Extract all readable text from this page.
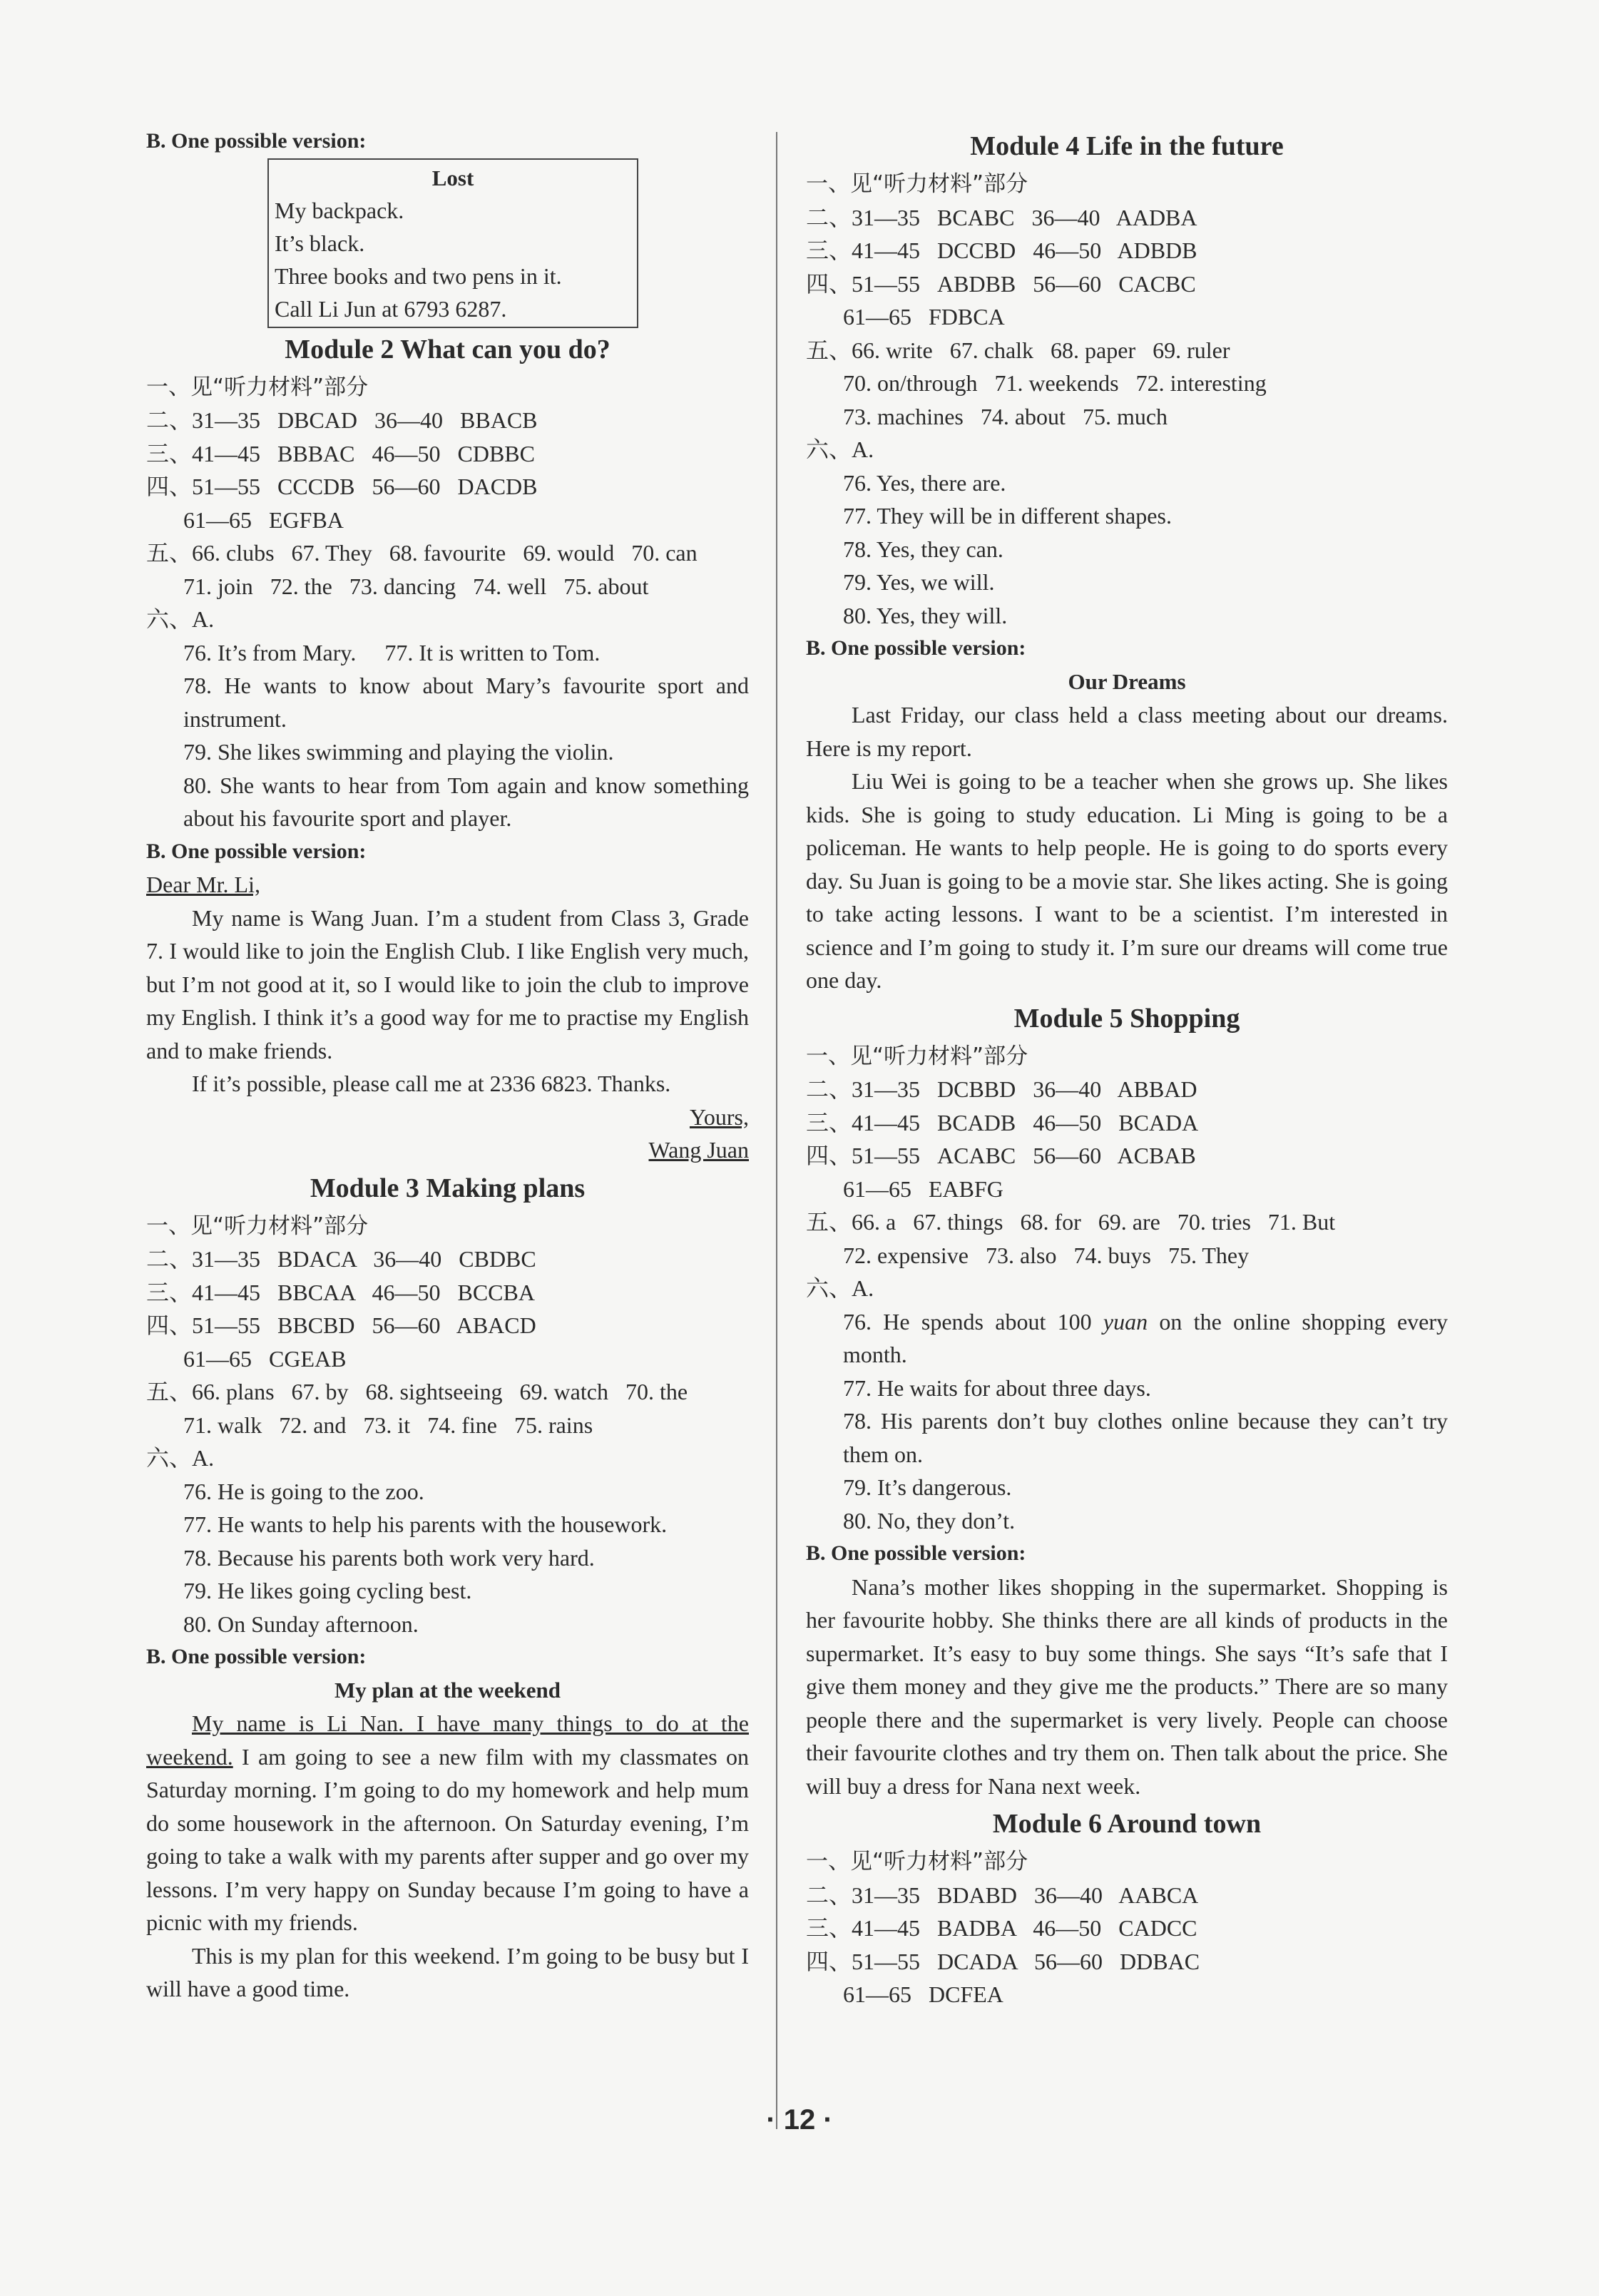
B. One possible version:
Lost
My backpack.
It’s black.
Three books and two pens in it.
Call Li Jun at 6793 6287.
Module 2 What can you do?
一、见“听力材料”部分
二、31—35   DBCAD   36—40   BBACB
三、41—45   BBBAC   46—50   CDBBC
四、51—55   CCCDB   56—60   DACDB
61—65   EGFBA
五、66. clubs   67. They   68. favourite   69. would   70. can
71. join   72. the   73. dancing   74. well   75. about
六、A.
76. It’s from Mary.     77. It is written to Tom.
78. He wants to know about Mary’s favourite sport and instrument.
79. She likes swimming and playing the violin.
80. She wants to hear from Tom again and know something about his favourite sport and player.
B. One possible version:
Dear Mr. Li,
My name is Wang Juan. I’m a student from Class 3, Grade 7. I would like to join the English Club. I like English very much, but I’m not good at it, so I would like to join the club to improve my English. I think it’s a good way for me to practise my English and to make friends.
If it’s possible, please call me at 2336 6823. Thanks.
Yours,
Wang Juan
Module 3 Making plans
一、见“听力材料”部分
二、31—35   BDACA   36—40   CBDBC
三、41—45   BBCAA   46—50   BCCBA
四、51—55   BBCBD   56—60   ABACD
61—65   CGEAB
五、66. plans   67. by   68. sightseeing   69. watch   70. the
71. walk   72. and   73. it   74. fine   75. rains
六、A.
76. He is going to the zoo.
77. He wants to help his parents with the housework.
78. Because his parents both work very hard.
79. He likes going cycling best.
80. On Sunday afternoon.
B. One possible version:
My plan at the weekend
My name is Li Nan. I have many things to do at the weekend. I am going to see a new film with my classmates on Saturday morning. I’m going to do my homework and help mum do some housework in the afternoon. On Saturday evening, I’m going to take a walk with my parents after supper and go over my lessons. I’m very happy on Sunday because I’m going to have a picnic with my friends.
This is my plan for this weekend. I’m going to be busy but I will have a good time.
Module 4 Life in the future
一、见“听力材料”部分
二、31—35   BCABC   36—40   AADBA
三、41—45   DCCBD   46—50   ADBDB
四、51—55   ABDBB   56—60   CACBC
61—65   FDBCA
五、66. write   67. chalk   68. paper   69. ruler
70. on/through   71. weekends   72. interesting
73. machines   74. about   75. much
六、A.
76. Yes, there are.
77. They will be in different shapes.
78. Yes, they can.
79. Yes, we will.
80. Yes, they will.
B. One possible version:
Our Dreams
Last Friday, our class held a class meeting about our dreams. Here is my report.
Liu Wei is going to be a teacher when she grows up. She likes kids. She is going to study education. Li Ming is going to be a policeman. He wants to help people. He is going to do sports every day. Su Juan is going to be a movie star. She likes acting. She is going to take acting lessons. I want to be a scientist. I’m interested in science and I’m going to study it. I’m sure our dreams will come true one day.
Module 5 Shopping
一、见“听力材料”部分
二、31—35   DCBBD   36—40   ABBAD
三、41—45   BCADB   46—50   BCADA
四、51—55   ACABC   56—60   ACBAB
61—65   EABFG
五、66. a   67. things   68. for   69. are   70. tries   71. But
72. expensive   73. also   74. buys   75. They
六、A.
76. He spends about 100 yuan on the online shopping every month.
77. He waits for about three days.
78. His parents don’t buy clothes online because they can’t try them on.
79. It’s dangerous.
80. No, they don’t.
B. One possible version:
Nana’s mother likes shopping in the supermarket. Shopping is her favourite hobby. She thinks there are all kinds of products in the supermarket. It’s easy to buy some things. She says “It’s safe that I give them money and they give me the products.” There are so many people there and the supermarket is very lively. People can choose their favourite clothes and try them on. Then talk about the price. She will buy a dress for Nana next week.
Module 6 Around town
一、见“听力材料”部分
二、31—35   BDABD   36—40   AABCA
三、41—45   BADBA   46—50   CADCC
四、51—55   DCADA   56—60   DDBAC
61—65   DCFEA
· 12 ·
